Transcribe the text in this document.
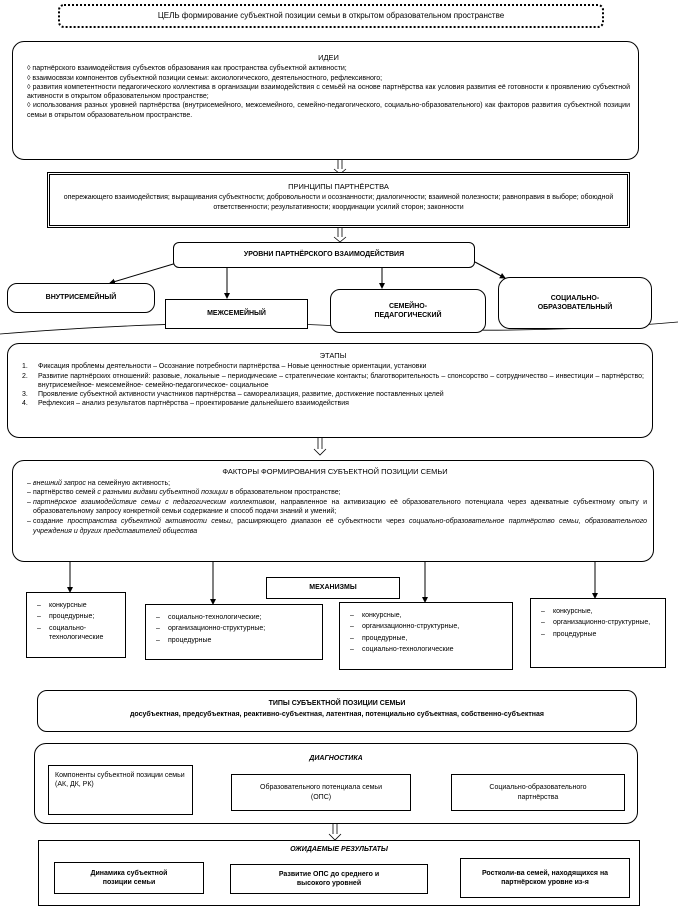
ЦЕЛЬ формирование субъектной позиции семьи в открытом образовательном пространстве
ИДЕИ

◊ партнёрского взаимодействия субъектов образования как пространства субъектной активности;

◊ взаимосвязи компонентов субъектной позиции семьи: аксиологического, деятельностного, рефлексивного;

◊ развития компетентности педагогического коллектива в организации взаимодействия с семьёй на основе партнёрства как условия развития её готовности к проявлению субъектной активности в открытом образовательном пространстве;

◊ использования разных уровней партнёрства (внутрисемейного, межсемейного, семейно-педагогического, социально-образовательного) как факторов развития субъектной позиции семьи в открытом образовательном пространстве.

ПРИНЦИПЫ ПАРТНЁРСТВА

опережающего взаимодействия; выращивания субъектности; добровольности и осознанности; диалогичности; взаимной полезности; равноправия в выборе; обоюдной ответственности; результативности; координации усилий сторон; законности

УРОВНИ ПАРТНЁРСКОГО ВЗАИМОДЕЙСТВИЯ
ВНУТРИСЕМЕЙНЫЙ
МЕЖСЕМЕЙНЫЙ
СЕМЕЙНО-ПЕДАГОГИЧЕСКИЙ
СОЦИАЛЬНО-ОБРАЗОВАТЕЛЬНЫЙ
ЭТАПЫ
1.	Фиксация проблемы деятельности – Осознание потребности партнёрства – Новые ценностные ориентации, установки
2.	Развитие партнёрских отношений: разовые, локальные – периодические – стратегические контакты; благотворительность – спонсорство – сотрудничество – инвестиции – партнёрство; внутрисемейное- межсемейное- семейно-педагогическое- социальное
3.	Проявление субъектной активности участников партнёрства – самореализация, развитие, достижение поставленных целей
4.	Рефлексия – анализ результатов партнёрства – проектирование дальнейшего взаимодействия
ФАКТОРЫ ФОРМИРОВАНИЯ СУБЪЕКТНОЙ ПОЗИЦИИ СЕМЬИ
– внешний запрос на семейную активность;
– партнёрство семей с разными видами субъектной позиции в образовательном пространстве;
– партнёрское взаимодействие семьи с педагогическим коллективом, направленное на активизацию её образовательного потенциала через адекватные субъектному опыту и образовательному запросу конкретной семьи содержание и способ подачи знаний и умений;
– создание пространства субъектной активности семьи, расширяющего диапазон её субъектности через социально-образовательное партнёрство семьи, образовательного учреждения и других представителей общества
МЕХАНИЗМЫ
– конкурсные
– процедурные;
– социально-технологические
– социально-технологические;
– организационно-структурные;
– процедурные
– конкурсные,
– организационно-структурные,
– процедурные,
– социально-технологические
– конкурсные,
– организационно-структурные,
– процедурные
ТИПЫ СУБЪЕКТНОЙ ПОЗИЦИИ СЕМЬИ

досубъектная, предсубъектная, реактивно-субъектная, латентная, потенциально субъектная, собственно-субъектная

ДИАГНОСТИКА
Компоненты субъектной позиции семьи (АК, ДК, РК)	Образовательного потенциала семьи (ОПС)
Социально-образовательного партнёрства
ОЖИДАЕМЫЕ РЕЗУЛЬТАТЫ
Динамика субъектной позиции семьи
Развитие ОПС до среднего и высокого уровней
Ростколи-ва семей, находящихся на партнёрском уровне из-я
